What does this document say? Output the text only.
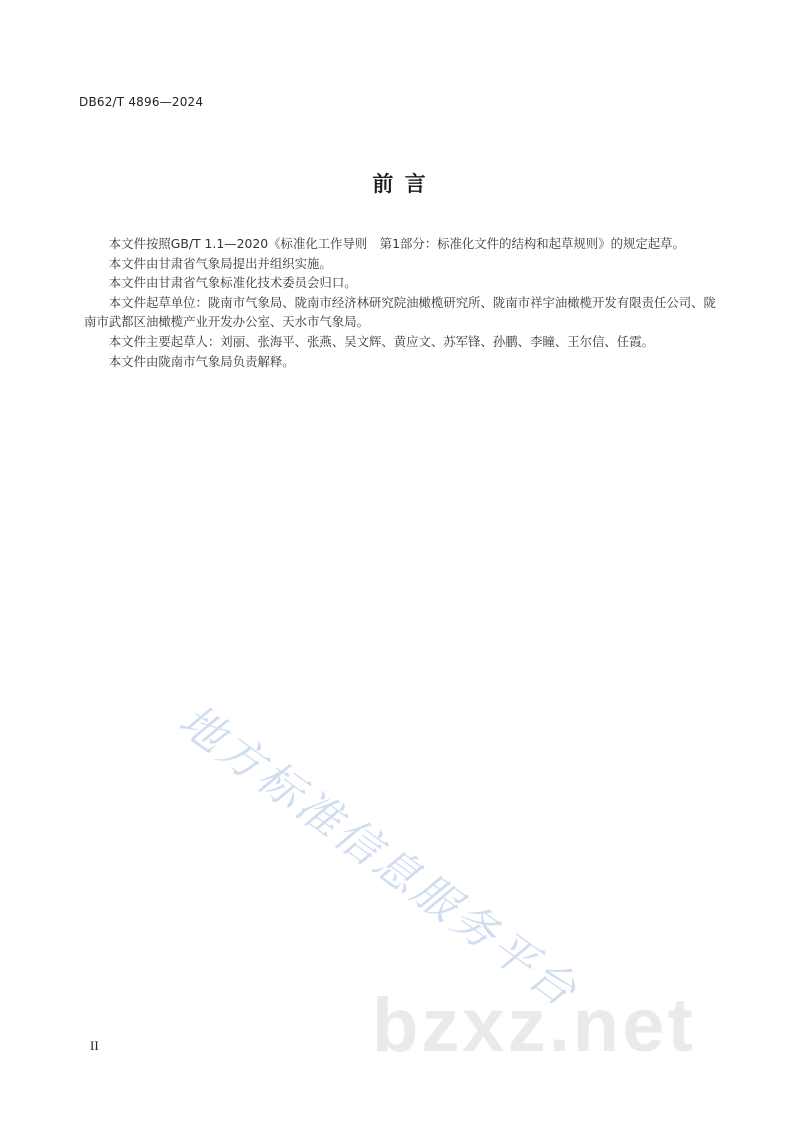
DB62/T 4896—2024
前 言

本文件按照GB/T 1.1—2020《标准化工作导则　第1部分：标准化文件的结构和起草规则》的规定起草。

本文件由甘肃省气象局提出并组织实施。

本文件由甘肃省气象标准化技术委员会归口。

本文件起草单位：陇南市气象局、陇南市经济林研究院油橄榄研究所、陇南市祥宇油橄榄开发有限责任公司、陇南市武都区油橄榄产业开发办公室、天水市气象局。

本文件主要起草人：刘丽、张海平、张燕、吴文辉、黄应文、苏军锋、孙鹏、李瞳、王尔信、任霞。

本文件由陇南市气象局负责解释。

地方标准信息服务平台
bzxz.net
II
